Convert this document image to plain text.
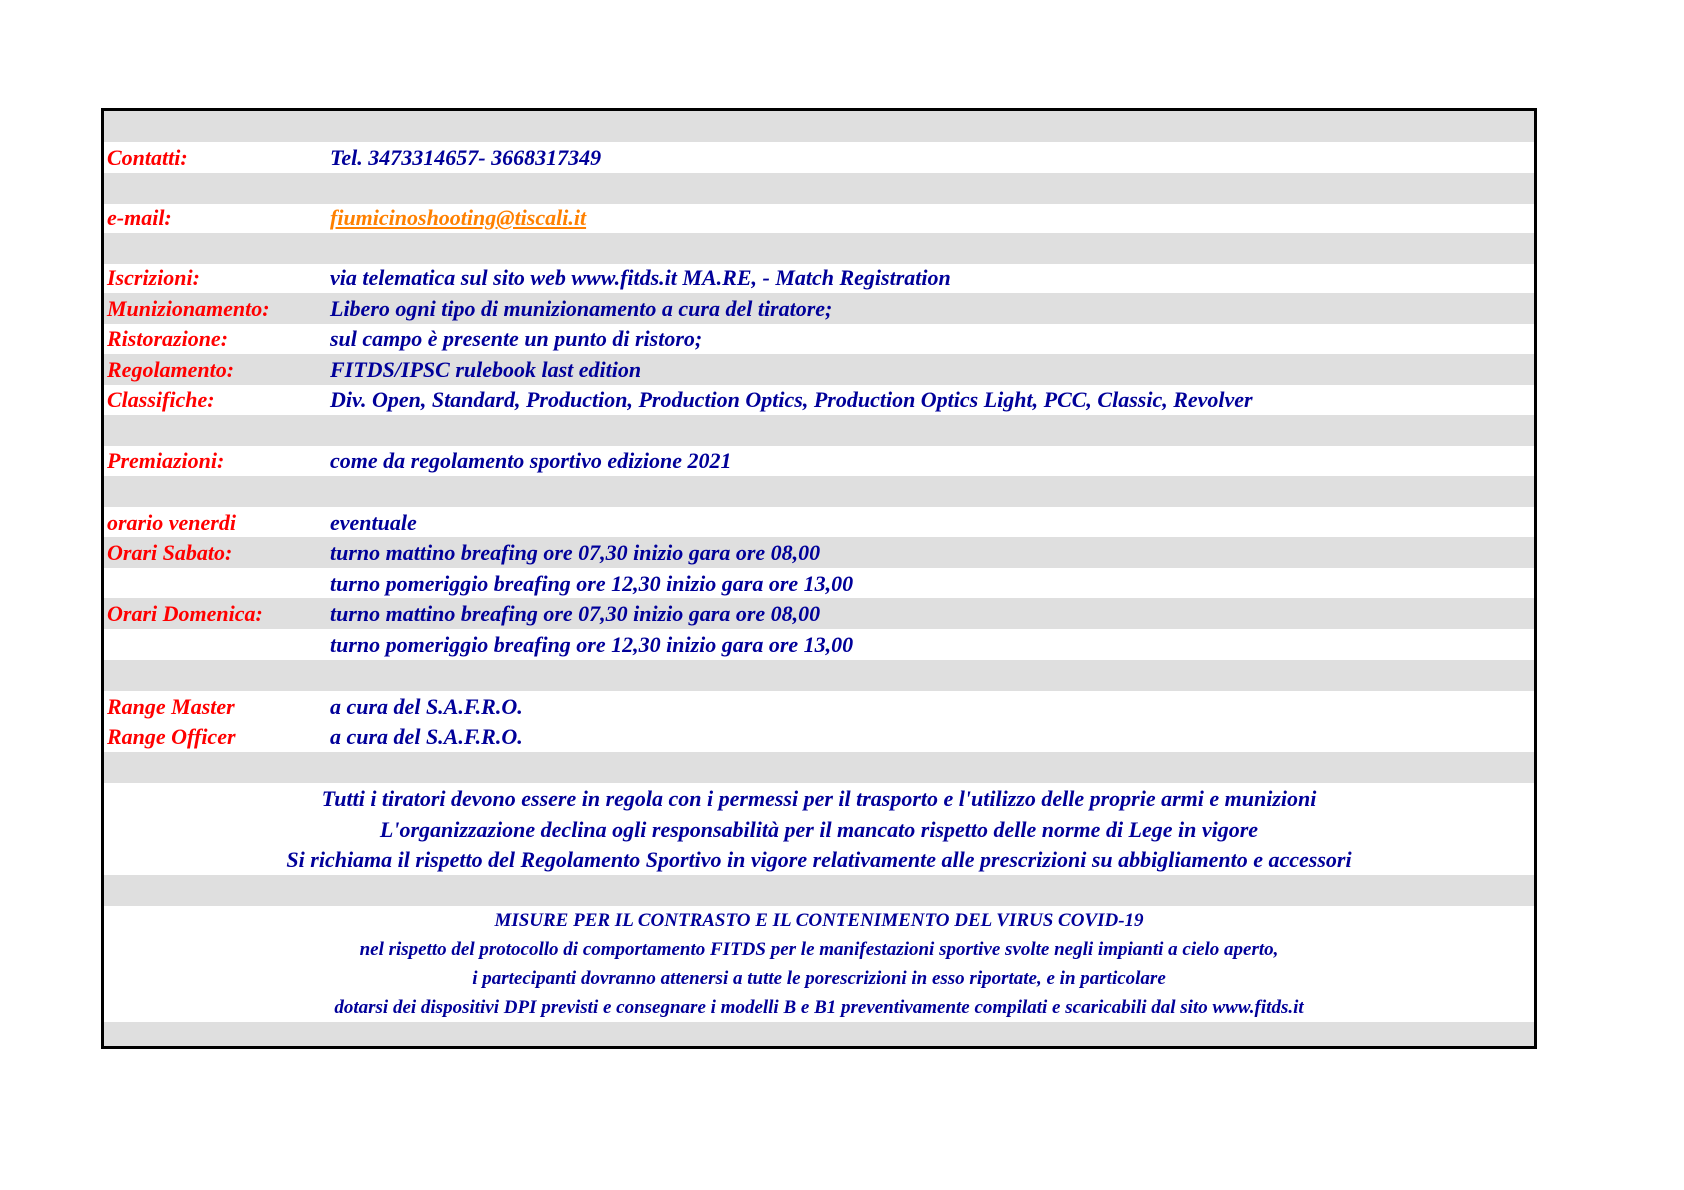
Contatti:	Tel. 3473314657- 3668317349
e-mail:	fiumicinoshooting@tiscali.it
Iscrizioni:	via telematica sul sito web www.fitds.it MA.RE, - Match Registration
Munizionamento:	Libero ogni tipo di munizionamento a cura del tiratore;
Ristorazione:	sul campo è presente un punto di ristoro;
Regolamento:	FITDS/IPSC rulebook last edition
Classifiche:	Div. Open, Standard, Production, Production Optics, Production Optics Light, PCC, Classic, Revolver
Premiazioni:	come da regolamento sportivo edizione 2021
orario venerdi	eventuale
Orari Sabato:	turno mattino breafing ore 07,30 inizio gara ore 08,00
turno pomeriggio breafing ore 12,30 inizio gara ore 13,00
Orari Domenica:	turno mattino breafing ore 07,30 inizio gara ore 08,00
turno pomeriggio breafing ore 12,30 inizio gara ore 13,00
Range Master	a cura del S.A.F.R.O.
Range Officer	a cura del S.A.F.R.O.
Tutti i tiratori devono essere in regola con i permessi per il trasporto e l'utilizzo delle proprie armi e munizioni
L'organizzazione declina ogli responsabilità per il mancato rispetto delle norme di Lege in vigore
Si richiama il rispetto del Regolamento Sportivo in vigore relativamente alle prescrizioni su abbigliamento e accessori
MISURE PER IL CONTRASTO E IL CONTENIMENTO DEL VIRUS COVID-19
nel rispetto del protocollo di comportamento FITDS per le manifestazioni sportive svolte negli impianti a cielo aperto,
i partecipanti dovranno attenersi a tutte le porescrizioni in esso riportate, e in particolare
dotarsi dei dispositivi DPI previsti e consegnare i modelli B e B1 preventivamente compilati e scaricabili dal sito www.fitds.it
